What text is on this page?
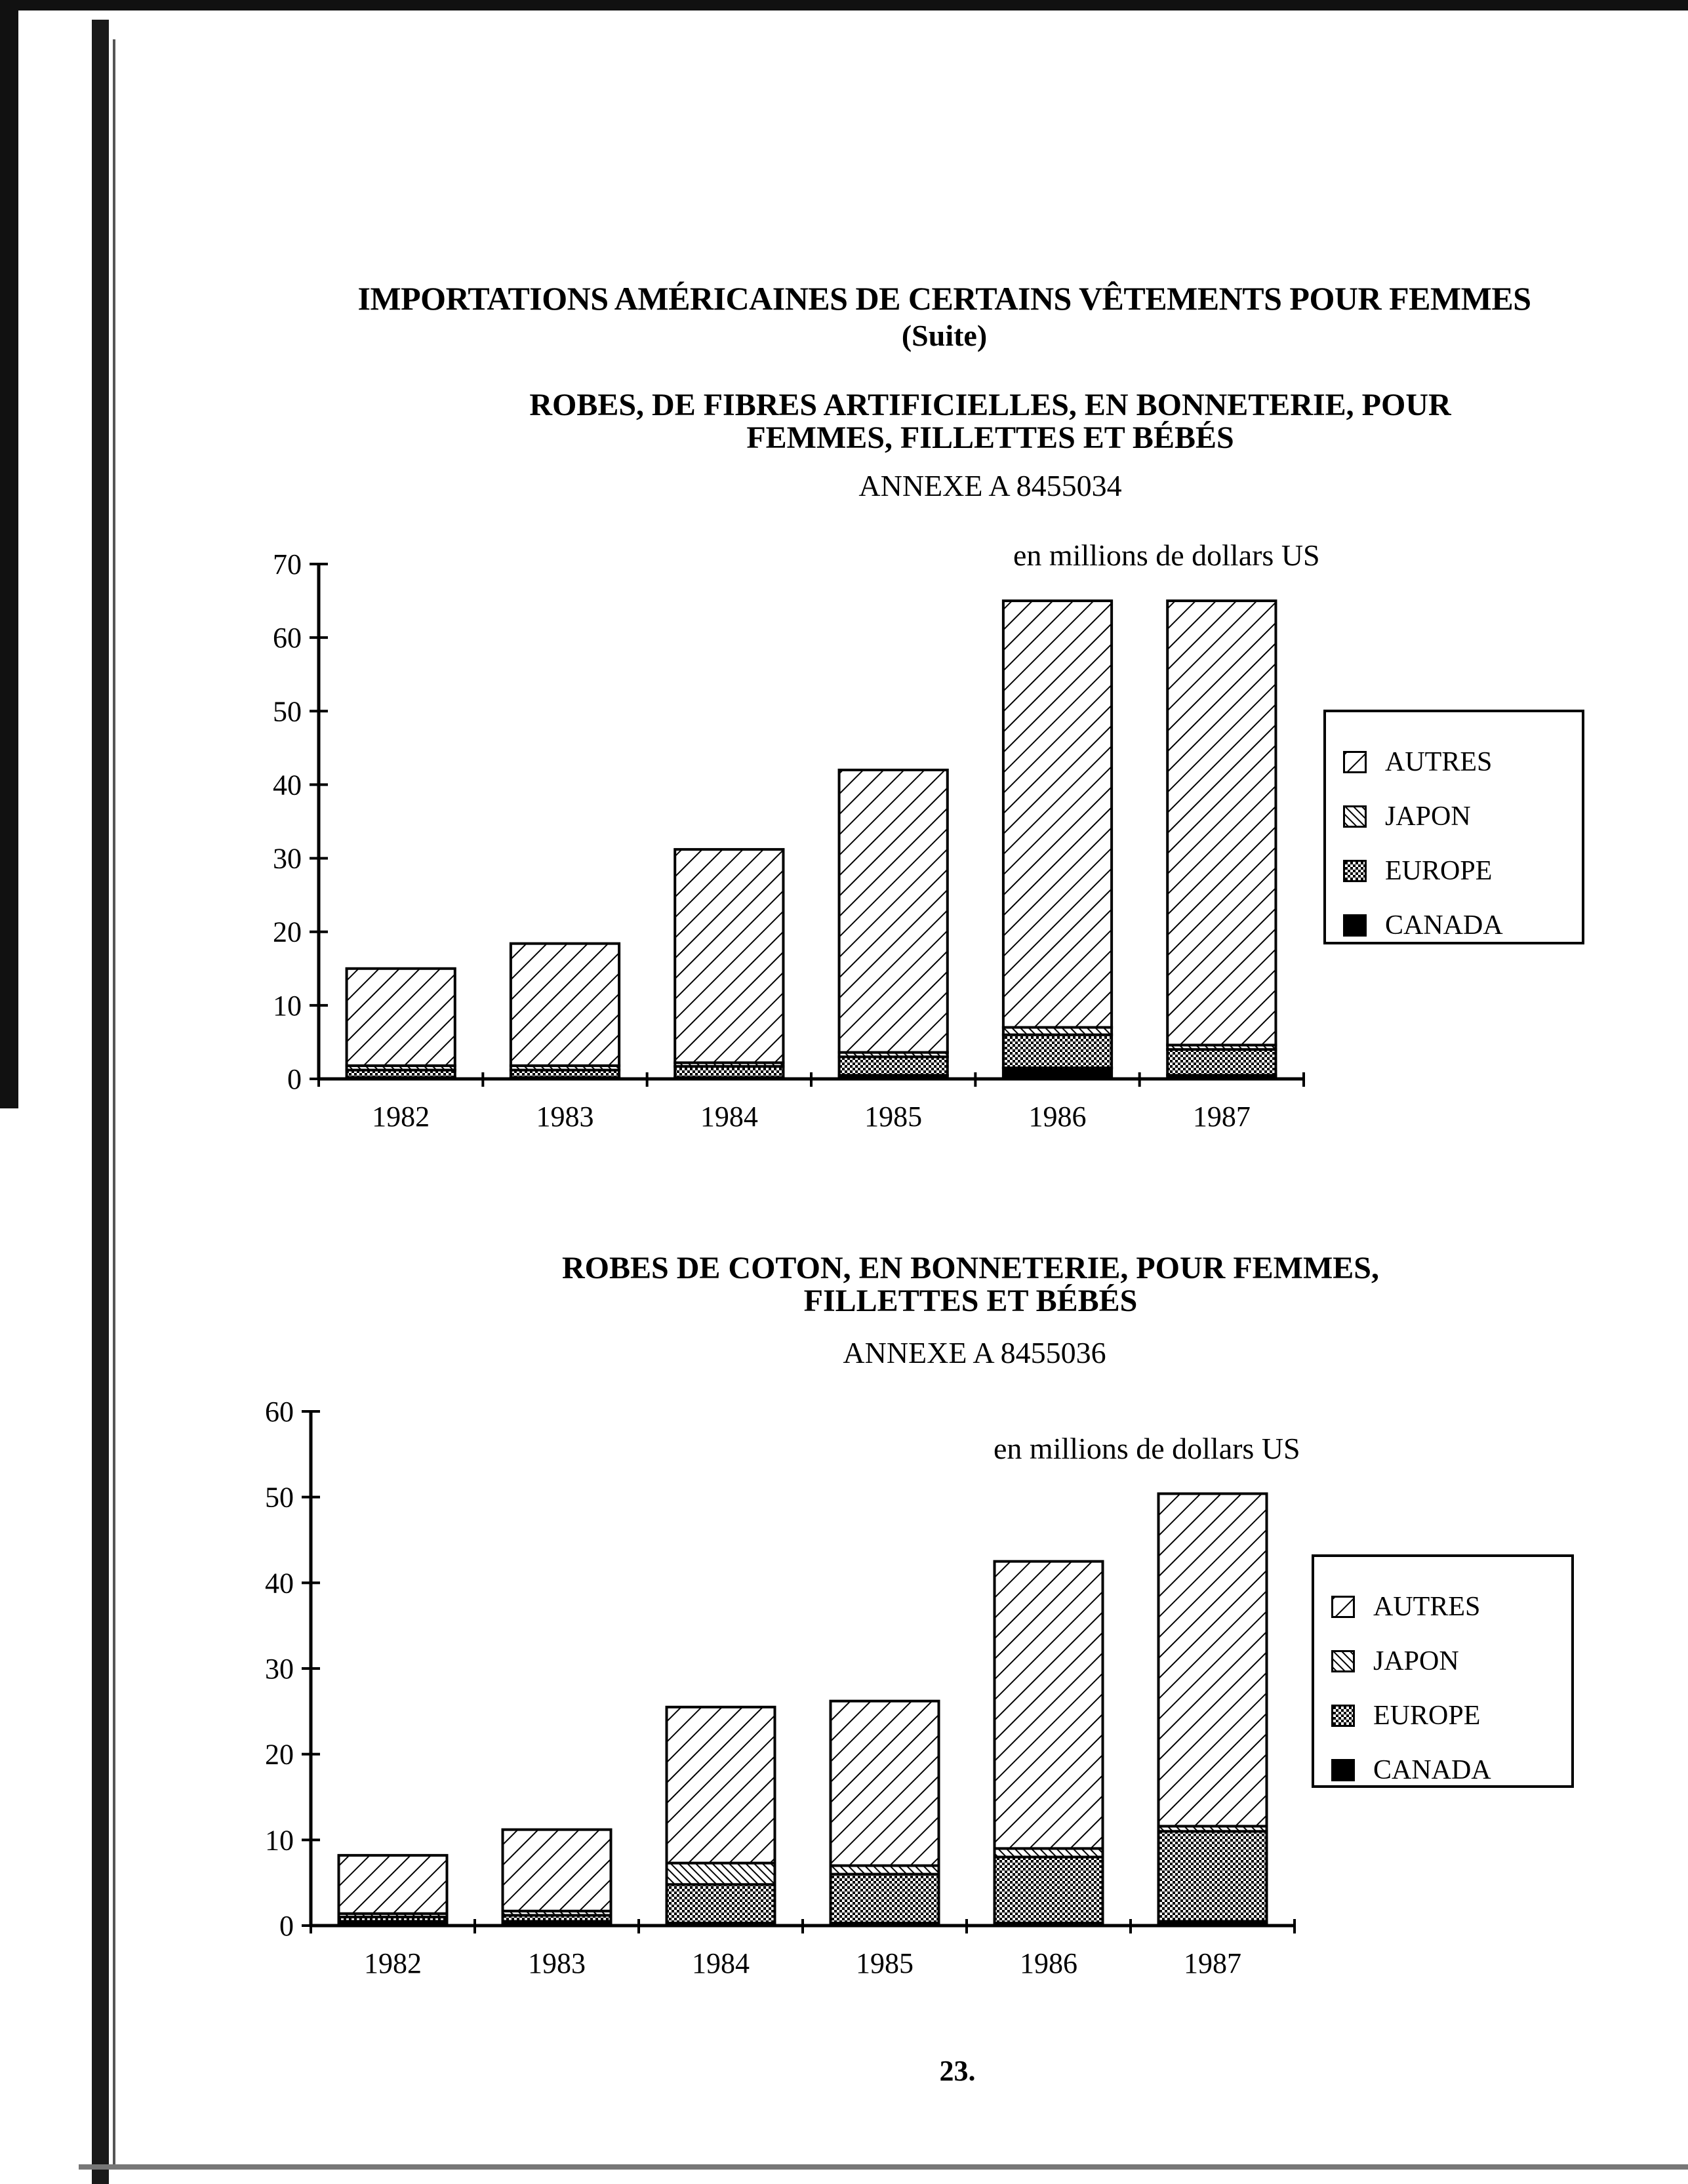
IMPORTATIONS AMÉRICAINES DE CERTAINS VÊTEMENTS POUR FEMMES
(Suite)
ROBES, DE FIBRES ARTIFICIELLES, EN BONNETERIE, POUR
FEMMES, FILLETTES ET BÉBÉS
ANNEXE A 8455034
en millions de dollars US
0
10
20
30
40
50
60
70
1982	1983	1984	1985	1986	1987
AUTRES
JAPON
EUROPE
CANADA
ROBES DE COTON, EN BONNETERIE, POUR FEMMES,
FILLETTES ET BÉBÉS
ANNEXE A 8455036
en millions de dollars US
0
10
20
30
40
50
60
1982	1983	1984	1985	1986	1987
AUTRES
JAPON
EUROPE
CANADA
23.
